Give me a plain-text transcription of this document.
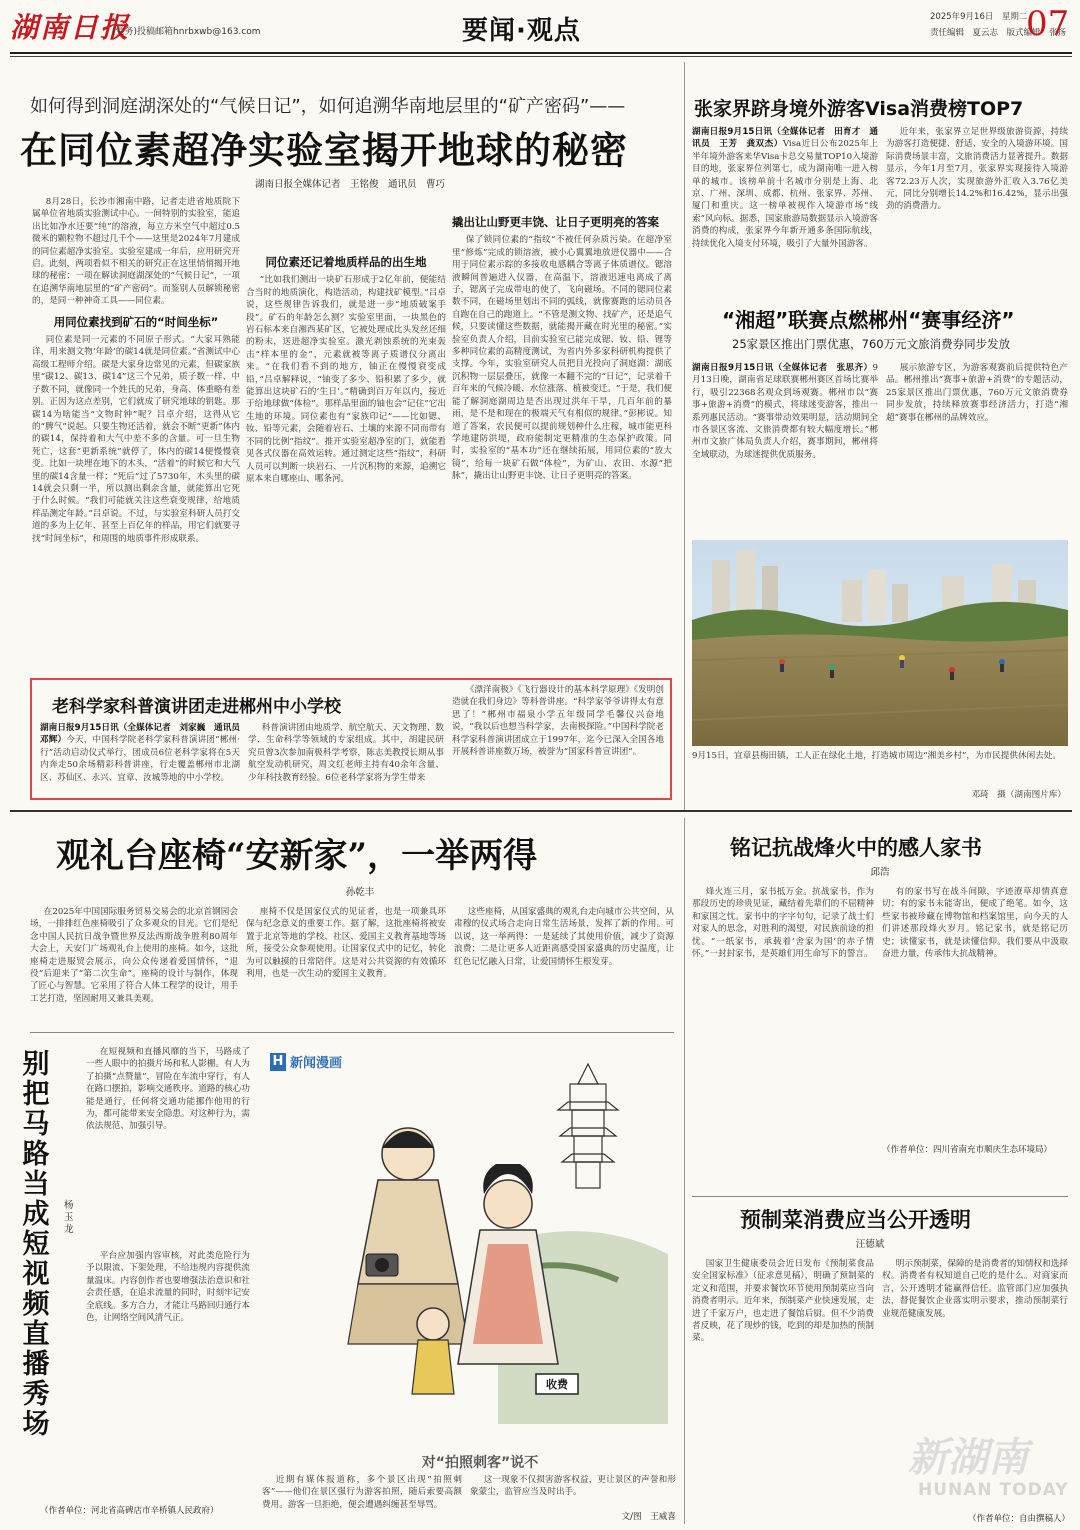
湖南日报
(党务)投稿邮箱hnrbxwb@163.com	要闻·观点	2025年9月16日　星期二
责任编辑　夏云志　版式编辑　张扬
07
如何得到洞庭湖深处的“气候日记”，如何追溯华南地层里的“矿产密码”——
在同位素超净实验室揭开地球的秘密
湖南日报全媒体记者　王铭俊　通讯员　曹巧

8月28日，长沙市湘南中路，记者走进省地质院下属单位省地质实验测试中心。一间特别的实验室，能追出比如净水还要“纯”的溶液，每立方米空气中超过0.5微米的颗粒物不超过几千个——这里是2024年7月建成的同位素超净实验室。实验室建成一年后，应用研究开启。此刻，两项看似不相关的研究正在这里悄悄揭开地球的秘密：一项在解读洞庭湖深处的“气候日记”，一项在追溯华南地层里的“矿产密码”。而鉴别人员解锁秘密的，是同一种神奇工具——同位素。

用同位素找到矿石的“时间坐标”

同位素是同一元素的不同原子形式。“大家耳熟能详，用来测文物‘年龄’的碳14就是同位素。”省测试中心高级工程师介绍。碳是大家身边常见的元素，但碳家族里“碳12、碳13、碳14”这三个兄弟，质子数一样、中子数不同，就像同一个姓氏的兄弟，身高、体重略有差别。正因为这点差别，它们就成了研究地球的钥匙。那碳14为啥能当“文物时钟”呢？吕卓介绍，这得从它的“脾气”说起。只要生物还活着，就会不断“更新”体内的碳14，保持着和大气中差不多的含量。可一旦生物死亡，这套“更新系统”就停了，体内的碳14便慢慢衰变。比如一块埋在地下的木头，“活着”的时候它和大气里的碳14含量一样；“死后”过了5730年，木头里的碳14就会只剩一半，所以测出剩余含量，就能算出它死于什么时候。“我们可能就关注这些衰变规律，给地质样品测定年龄。”吕卓说。不过，与实验室科研人员打交道的多为上亿年、甚至上百亿年的样品，用它们就要寻找“时间坐标”，和周围的地质事件形成联系。

同位素还记着地质样品的出生地

“比如我们测出一块矿石形成于2亿年前，便能结合当时的地质演化，构造活动，构建找矿模型。”吕卓说，这些规律告诉我们，就是进一步“地质破案手段”。矿石的年龄怎么测？实验室里面，一块黑色的岩石标本来自湘西某矿区，它被处理成比头发丝还细的粉末，送进超净实验室。激光剥蚀系统的光束轰击“样本里的金”，元素就被等离子质谱仪分离出来。“在我们看不到的地方，铀正在慢慢衰变成铅，”吕卓解释说，“铀变了多少、铅积累了多少，就能算出这块矿石的‘生日’。”精确到百万年以内，接近于给地球做“体检”。那样品里面的铀也会“记住”它出生地的环境。同位素也有“家族印记”——比如锶、钕、铅等元素，会随着岩石、土壤的来源不同而带有不同的比例“指纹”。推开实验室超净室的门，就能看见各式仪器在高效运转。通过测定这些“指纹”，科研人员可以判断一块岩石、一片沉积物的来源，追溯它原本来自哪座山、哪条河。

撬出让山野更丰饶、让日子更明亮的答案

保了锁同位素的“指纹”不被任何杂质污染。在超净室里“修炼”完成的锁溶液，被小心翼翼地放进仪器中——合用于同位素示踪的多接收电感耦合等离子体质谱仪。锶溶液瞬间普遍进入仪器，在高温下，溶液迅速电离成了离子，锶离子完成带电的使了，飞向磁场。不同的锶同位素数不同，在磁场里划出不同的弧线，就像赛跑的运动员各自跑在自己的跑道上。“不管是测文物、找矿产，还是追气候，只要读懂这些数据，就能揭开藏在时光里的秘密。”实验室负责人介绍，目前实验室已能完成锶、钕、铅、锂等多种同位素的高精度测试，为省内外多家科研机构提供了支撑。今年，实验室研究人员把目光投向了洞庭湖：湖底沉积物一层层叠压，就像一本翻不完的“日记”，记录着千百年来的气候冷暖、水位涨落、植被变迁。“于是，我们便能了解洞庭湖周边是否出现过洪年干旱，几百年前的暴雨，是不是和现在的极端天气有相似的规律。”彭彬说。知道了答案，农民便可以提前规划种什么庄稼，城市能更科学地建防洪堤，政府能制定更精准的生态保护政策。同时，实验室的“基本功”还在继续拓展，用同位素的“放大镜”，给每一块矿石做“体检”，为矿山、农田、水源“把脉”，撬出让山野更丰饶、让日子更明亮的答案。

老科学家科普演讲团走进郴州中小学校
湖南日报9月15日讯（全媒体记者　刘家巍　通讯员　邓辉）今天，中国科学院老科学家科普演讲团“郴州·行”活动启动仪式举行，团成员6位老科学家将在5天内奔走50余场精彩科普讲座，行走覆盖郴州市北湖区、苏仙区、永兴、宜章、汝城等地的中小学校。

科普演讲团由地质学、航空航天、天文物理、数学、生命科学等领域的专家组成。其中，胡建民研究员曾3次参加南极科学考察，陈志美教授长期从事航空发动机研究，周文红老师主持有40余年含量、少年科技教育经验。6位老科学家将为学生带来

《漂洋南极》《飞行器设计的基本科学原理》《发明创造就在我们身边》等科普讲座。“科学家爷爷讲得太有意思了！”郴州市福泉小学五年级同学毛馨仪兴奋地说，“我以后也想当科学家，去南极探险。”中国科学院老科学家科普演讲团成立于1997年，迄今已深入全国各地开展科普讲座数万场，被誉为“国家科普宣讲团”。

张家界跻身境外游客Visa消费榜TOP7
湖南日报9月15日讯（全媒体记者　田育才　通讯员　王芳　龚双杰）Visa近日公布2025年上半年境外游客来华Visa卡总交易量TOP10入境游目的地，张家界位列第七，成为湖南唯一进入榜单的城市。该榜单前十名城市分别是上海、北京、广州、深圳、成都、杭州、张家界、苏州、厦门和重庆。这一榜单被视作入境游市场“线索”风向标。据悉，国家旅游局数据显示入境游客消费的构成，张家界今年新开通多条国际航线，持续优化入境支付环境，吸引了大量外国游客。

近年来，张家界立足世界级旅游资源，持续为游客打造便捷、舒适、安全的入境游环境。国际消费场景丰富，文旅消费活力显著提升。数据显示，今年1月至7月，张家界实现接待入境游客72.23万人次，实现旅游外汇收入3.76亿美元，同比分别增长14.2%和16.42%，显示出强劲的消费潜力。

“湘超”联赛点燃郴州“赛事经济”
25家景区推出门票优惠，760万元文旅消费券同步发放
湖南日报9月15日讯（全媒体记者　张思齐）9月13日晚，湖南省足球联赛郴州赛区首场比赛举行，吸引22368名观众到场观赛。郴州市以“赛事+旅游+消费”的模式，将球迷变游客，推出一系列惠民活动。“赛事带动效果明显，活动期间全市各景区客流、文旅消费都有较大幅度增长。”郴州市文旅广体局负责人介绍，赛事期间，郴州将全域联动，为球迷提供优质服务。

展示旅游专区，为游客观赛前后提供特色产品。郴州推出“赛事+旅游+消费”的专题活动，25家景区推出门票优惠，760万元文旅消费券同步发放，持续释放赛事经济活力，打造“湘超”赛事在郴州的品牌效应。

9月15日，宜章县梅田镇，工人正在绿化土地，打造城市周边“湘美乡村”，为市民提供休闲去处。
邓琦　摄（湖南图片库）
观礼台座椅“安新家”，一举两得
孙乾丰

在2025年中国国际服务贸易交易会的北京首钢园会场，一排排红色座椅吸引了众多观众的目光。它们是纪念中国人民抗日战争暨世界反法西斯战争胜利80周年大会上，天安门广场观礼台上使用的座椅。如今，这批座椅走进服贸会展示，向公众传递着爱国情怀，“退役”后迎来了“第二次生命”。座椅的设计与制作，体现了匠心与智慧。它采用了符合人体工程学的设计，用手工艺打造，坚固耐用又兼具美观。

座椅不仅是国家仪式的见证者，也是一项兼具环保与纪念意义的重要工作。据了解，这批座椅将被安置于北京等地的学校、社区、爱国主义教育基地等场所，接受公众参观使用。让国家仪式中的记忆，转化为可以触摸的日常陪伴。这是对公共资源的有效循环利用，也是一次生动的爱国主义教育。

这些座椅，从国家盛典的观礼台走向城市公共空间，从肃穆的仪式场合走向日常生活场景，发挥了新的作用。可以说，这一举两得：一是延续了其使用价值，减少了资源浪费；二是让更多人近距离感受国家盛典的历史温度，让红色记忆融入日常，让爱国情怀生根发芽。

别
把
马
路
当
成
短
视
频
直
播
秀
场
杨玉龙

在短视频和直播风靡的当下，马路成了一些人眼中的拍摄片场和私人影棚。有人为了拍摄“点赞量”，冒险在车流中穿行，有人在路口摆拍，影响交通秩序。道路的核心功能是通行，任何将交通功能挪作他用的行为，都可能带来安全隐患。对这种行为，需依法规范、加强引导。

平台应加强内容审核，对此类危险行为予以限流、下架处理，不给违规内容提供流量温床。内容创作者也要增强法治意识和社会责任感，在追求流量的同时，时刻牢记安全底线。多方合力，才能让马路回归通行本色，让网络空间风清气正。

（作者单位：河北省高碑店市辛桥镇人民政府）
H 新闻漫画
收费
对“拍照刺客”说不

近期有媒体报道称，多个景区出现“拍照刺客”——他们在景区强行为游客拍照，随后索要高额费用。游客一旦拒绝，便会遭遇纠缠甚至辱骂。

这一现象不仅损害游客权益，更让景区的声誉和形象蒙尘，监管应当及时出手。

文/图　王威喜
铭记抗战烽火中的感人家书
邱浩

烽火连三月，家书抵万金。抗战家书，作为那段历史的珍贵见证，藏结着先辈们的不屈精神和家国之忱。家书中的字字句句，记录了战士们对家人的思念，对胜利的渴望，对民族前途的担忧。“一纸家书，承载着‘舍家为国’的赤子情怀。”一封封家书，是英雄们用生命写下的誓言。

有的家书写在战斗间隙，字迹潦草却情真意切；有的家书未能寄出，便成了绝笔。如今，这些家书被珍藏在博物馆和档案馆里，向今天的人们讲述那段烽火岁月。铭记家书，就是铭记历史；读懂家书，就是读懂信仰。我们要从中汲取奋进力量，传承伟大抗战精神。

（作者单位：四川省南充市顺庆生态环境局）
预制菜消费应当公开透明
汪德斌

国家卫生健康委员会近日发布《预制菜食品安全国家标准》（征求意见稿），明确了预制菜的定义和范围，并要求餐饮环节使用预制菜应当向消费者明示。近年来，预制菜产业快速发展，走进了千家万户，也走进了餐馆后厨。但不少消费者反映，花了现炒的钱，吃到的却是加热的预制菜。

明示预制菜，保障的是消费者的知情权和选择权。消费者有权知道自己吃的是什么。对商家而言，公开透明才能赢得信任。监管部门应加强执法，督促餐饮企业落实明示要求，推动预制菜行业规范健康发展。

（作者单位：自由撰稿人）
新湖南
HUNAN TODAY
